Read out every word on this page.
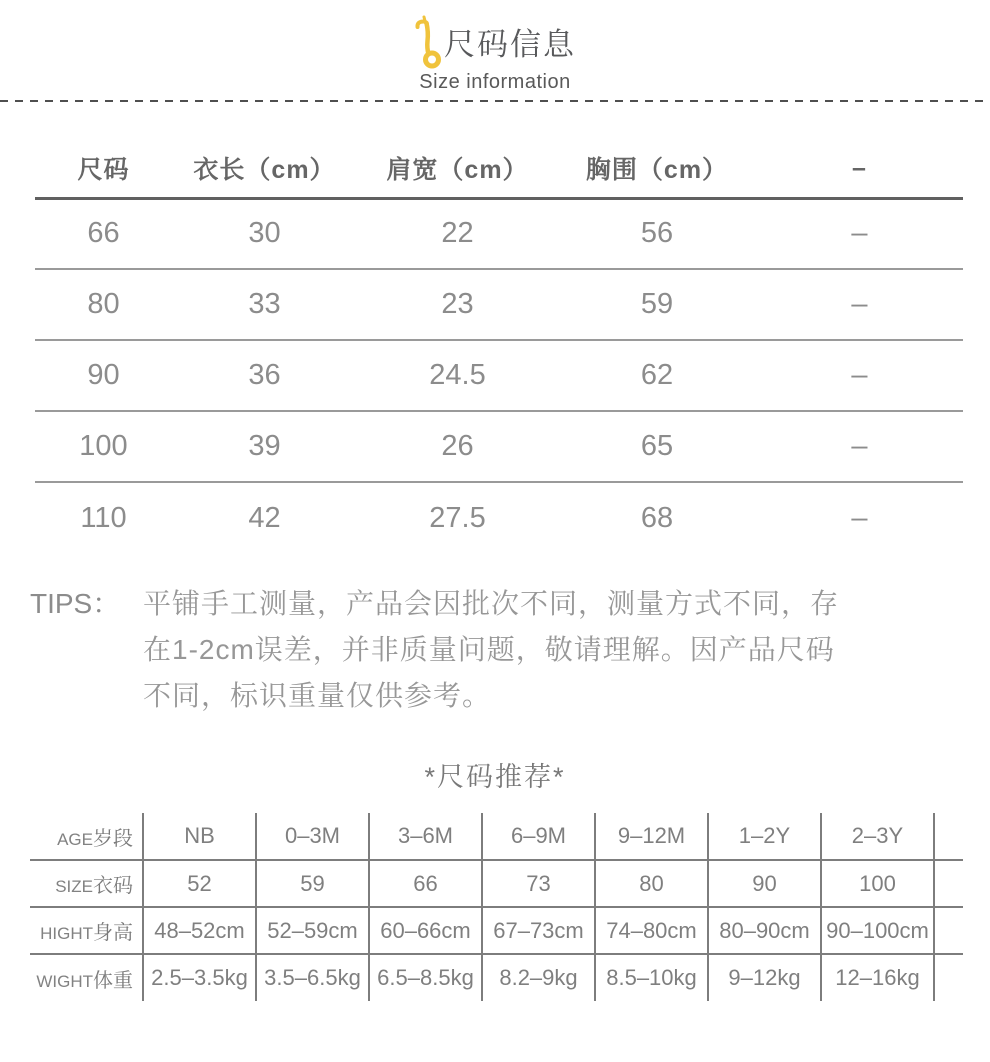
尺码信息
Size information
尺码	衣长（cm）	肩宽（cm）	胸围（cm）	–
66	30	22	56	–
80	33	23	59	–
90	36	24.5	62	–
100	39	26	65	–
110	42	27.5	68	–
TIPS： 平铺手工测量，产品会因批次不同，测量方式不同，存
在1-2cm误差，并非质量问题，敬请理解。因产品尺码
不同，标识重量仅供参考。
*尺码推荐*
AGE岁段	NB	0–3M	3–6M	6–9M	9–12M	1–2Y	2–3Y	
SIZE衣码	52	59	66	73	80	90	100	
HIGHT身高	48–52cm	52–59cm	60–66cm	67–73cm	74–80cm	80–90cm	90–100cm	
WIGHT体重	2.5–3.5kg	3.5–6.5kg	6.5–8.5kg	8.2–9kg	8.5–10kg	9–12kg	12–16kg	
